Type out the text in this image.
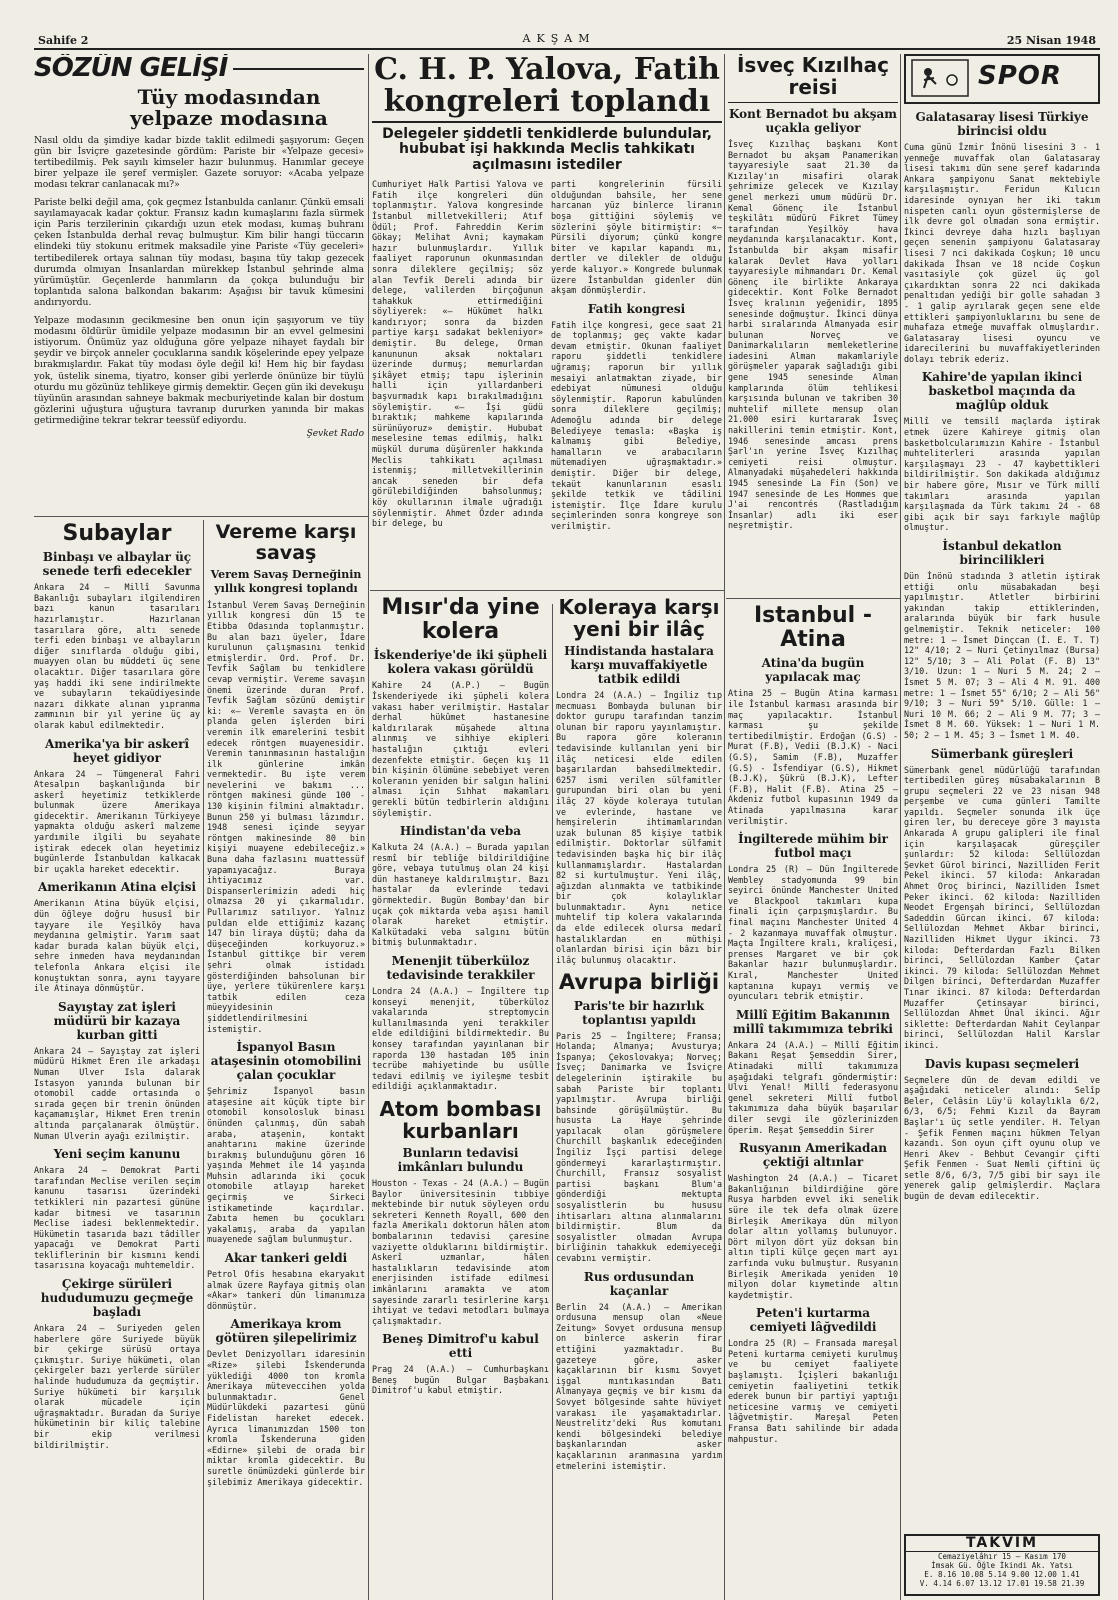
Sahife 2	AKŞAM	25 Nisan 1948
SÖZÜN GELİŞİ
Tüy modasından yelpaze modasına

Nasıl oldu da şimdiye kadar bizde taklit edilmedi şaşıyorum: Geçen gün bir İsviçre gazetesinde gördüm: Pariste bir «Yelpaze gecesi» tertibedilmiş. Pek sayılı kimseler hazır bulunmuş. Hanımlar geceye birer yelpaze ile şeref vermişler. Gazete soruyor: «Acaba yelpaze modası tekrar canlanacak mı?»

Pariste belki değil ama, çok geçmez İstanbulda canlanır. Çünkü emsali sayılamayacak kadar çoktur. Fransız kadın kumaşlarını fazla sürmek için Paris terzilerinin çıkardığı uzun etek modası, kumaş buhranı çeken İstanbulda derhal revaç bulmuştur. Kim bilir hangi tüccarın elindeki tüy stokunu eritmek maksadile yine Pariste «Tüy geceleri» tertibedilerek ortaya salınan tüy modası, başına tüy takıp gezecek durumda olmıyan İnsanlardan mürekkep İstanbul şehrinde alma yürümüştür. Geçenlerde hanımların da çokça bulunduğu bir toplantıda salona balkondan bakarım: Aşağısı bir tavuk kümesini andırıyordu.

Yelpaze modasının gecikmesine ben onun için şaşıyorum ve tüy modasını öldürür ümidile yelpaze modasının bir an evvel gelmesini istiyorum. Önümüz yaz olduğuna göre yelpaze nihayet faydalı bir şeydir ve birçok anneler çocuklarına sandık köşelerinde epey yelpaze bırakmışlardır. Fakat tüy modası öyle değil ki! Hem hiç bir faydası yok, üstelik sinema, tiyatro, konser gibi yerlerde önünüze bir tüylü oturdu mu gözünüz tehlikeye girmiş demektir. Geçen gün iki devekuşu tüyünün arasından sahneye bakmak mecburiyetinde kalan bir dostum gözlerini uğuştura uğuştura tavranıp dururken yanında bir makas getirmediğine tekrar tekrar teessüf ediyordu.

Şevket Rado
Subaylar
Binbaşı ve albaylar üç senede terfi edecekler

Ankara 24 — Millî Savunma Bakanlığı subayları ilgilendiren bazı kanun tasarıları hazırlamıştır. Hazırlanan tasarılara göre, altı senede terfi eden binbaşı ve albayların diğer sınıflarda olduğu gibi, muayyen olan bu müddeti üç sene olacaktır. Diğer tasarılara göre yaş haddi iki sene indirilmekte ve subayların tekaüdiyesinde nazarı dikkate alınan yıpranma zammının bir yıl yerine üç ay olarak kabul edilmektedir.

Amerika'ya bir askerî heyet gidiyor

Ankara 24 — Tümgeneral Fahri Atesalpın başkanlığında bir askerî heyetimiz tetkiklerde bulunmak üzere Amerikaya gidecektir. Amerikanın Türkiyeye yapmakta olduğu askerî malzeme yardımile ilgili bu seyahate iştirak edecek olan heyetimiz bugünlerde İstanbuldan kalkacak bir uçakla hareket edecektir.

Amerikanın Atina elçisi

Amerikanın Atina büyük elçisi, dün öğleye doğru hususî bir tayyare ile Yeşilköy hava meydanına gelmiştir. Yarım saat kadar burada kalan büyük elçi, sehre inmeden hava meydanından telefonla Ankara elçisi ile konuştuktan sonra, aynı tayyare ile Atinaya dönmüştür.

Sayıştay zat işleri müdürü bir kazaya kurban gitti

Ankara 24 — Sayıştay zat işleri müdürü Hikmet Eren ile arkadaşı Numan Ulver Isla dalarak Istasyon yanında bulunan bir otomobil cadde ortasında o sırada geçen bir trenin önünden kaçamamışlar, Hikmet Eren trenin altında parçalanarak ölmüştür. Numan Ulverin ayağı ezilmiştir.

Yeni seçim kanunu

Ankara 24 — Demokrat Parti tarafından Meclise verilen seçim kanunu tasarısı üzerindeki tetkikleri nin pazartesi gününe kadar bitmesi ve tasarının Meclise iadesi beklenmektedir. Hükümetin tasarıda bazı tâdiller yapacağı ve Demokrat Parti tekliflerinin bir kısmını kendi tasarısına koyacağı muhtemeldir.

Çekirge sürüleri hududumuzu geçmeğe başladı

Ankara 24 — Suriyeden gelen haberlere göre Suriyede büyük bir çekirge sürüsü ortaya çıkmıştır. Suriye hükümeti, olan çekirgeler bazı yerlerde sürüler halinde hududumuza da geçmiştir. Suriye hükümeti bir karşılık olarak mücadele için uğraşmaktadır. Buradan da Suriye hükümetinin bir kiliç talebine bir ekip verilmesi bildirilmiştir.

Vereme karşı savaş
Verem Savaş Derneğinin yıllık kongresi toplandı

İstanbul Verem Savaş Derneğinin yıllık kongresi dün 15 te Etibba Odasında toplanmıştır. Bu alan bazı üyeler, İdare kurulunun çalışmasını tenkid etmişlerdir. Ord. Prof. Dr. Tevfik Sağlam bu tenkidlere cevap vermiştir. Vereme savaşın önemi üzerinde duran Prof. Tevfik Sağlam sözünü demiştir ki: «— Veremle savaşta en ön planda gelen işlerden biri veremin ilk emarelerini tesbit edecek röntgen muayenesidir. Veremin tanınmasının hastalığın ilk günlerine imkân vermektedir. Bu işte verem nevelerini ve bakımı ... röntgen makinesi günde 100 - 130 kişinin filmini almaktadır. Bunun 250 yi bulması lâzımdır. 1948 senesi içinde seyyar röntgen makinesinde 80 bin kişiyi muayene edebileceğiz.» Buna daha fazlasını muattessüf yapamıyacağız. Buraya ihtiyacımız var. Dispanserlerimizin adedi hiç olmazsa 20 yi çıkarmalıdır. Pullarımız satılıyor. Yalnız puldan elde ettiğimiz kazanç 147 bin liraya düştü; daha da düşeceğinden korkuyoruz.» İstanbul gittikçe bir verem şehri olmak istidadı gösterdiğinden bahsolunan bir üye, yerlere tükürenlere karşı tatbik edilen ceza müeyyidesinin şiddetlendirilmesini istemiştir.

İspanyol Basın ataşesinin otomobilini çalan çocuklar

Şehrimiz İspanyol basın ataşesine ait küçük tipte bir otomobil konsolosluk binası önünden çalınmış, dün sabah araba, ataşenin, kontakt anahtarını makine üzerinde bırakmış bulunduğunu gören 16 yaşında Mehmet ile 14 yaşında Muhsin adlarında iki çocuk otomobile atlayıp hareket geçirmiş ve Sirkeci istikametinde kaçırdılar. Zabıta hemen bu çocukları yakalamış, araba da yapılan muayenede sağlam bulunmuştur.

Akar tankeri geldi

Petrol Ofis hesabına ekaryakıt almak üzere Rayfaya gitmiş olan «Akar» tankeri dün limanımıza dönmüştür.

Amerikaya krom götüren şilepelirimiz

Devlet Denizyolları idaresinin «Rize» şilebi İskenderunda yüklediği 4000 ton kromla Amerikaya müteveccihen yolda bulunmaktadır. Genel Müdürlükdeki pazartesi günü Fidelistan hareket edecek. Ayrıca limanımızdan 1500 ton kromla İskenderuna giden «Edirne» şilebi de orada bir miktar kromla gidecektir. Bu suretle önümüzdeki günlerde bir şilebimiz Amerikaya gidecektir.

C. H. P. Yalova, Fatih kongreleri toplandı
Delegeler şiddetli tenkidlerde bulundular, hububat işi hakkında Meclis tahkikatı açılmasını istediler

Cumhuriyet Halk Partisi Yalova ve Fatih ilçe kongreleri dün toplanmıştır. Yalova kongresinde İstanbul milletvekilleri; Atıf Ödül; Prof. Fahreddin Kerim Gökay; Melihat Avni; kaymakam hazır bulunmuşlardır. Yıllık faaliyet raporunun okunmasından sonra dileklere geçilmiş; söz alan Tevfik Dereli adında bir delege, valilerden birçoğunun tahakkuk ettirmediğini söyliyerek: «— Hükümet halkı kandırıyor; sonra da bizden partiye karşı sadakat bekleniyor» demiştir. Bu delege, Orman kanununun aksak noktaları üzerinde durmuş; memurlardan şikâyet etmiş; tapu işlerinin halli için yıllardanberi başvurmadık kapı bırakılmadığını söylemiştir. «— İşi güdü bıraktık; mahkeme kapılarında sürünüyoruz» demiştir. Hububat meselesine temas edilmiş, halkı müşkül duruma düşürenler hakkında Meclis tahkikatı açılması istenmiş; milletvekillerinin ancak seneden bir defa görülebildiğinden bahsolunmuş; köy okullarının ilmale uğradığı söylenmiştir. Ahmet Özder adında bir delege, bu

parti kongrelerinin fürsili olduğundan bahsile, her sene harcanan yüz binlerce liranın boşa gittiğini söylemiş ve sözlerini şöyle bitirmiştir: «— Pürsili diyorum; çünkü kongre biter ve kapılar kapandı mı, dertler ve dilekler de olduğu yerde kalıyor.» Kongrede bulunmak üzere İstanbuldan gidenler dün akşam dönmüşlerdir.

Fatih kongresi

Fatih ilçe kongresi, gece saat 21 de toplanmış; geç vakte kadar devam etmiştir. Okunan faaliyet raporu şiddetli tenkidlere uğramış; raporun bir yıllık mesaiyi anlatmaktan ziyade, bir edebiyat nümunesi olduğu söylenmiştir. Raporun kabulünden sonra dileklere geçilmiş; Ademoğlu adında bir delege Belediyeye temasla: «Başka iş kalmamış gibi Belediye, hamalların ve arabacıların mütemadiyen uğraşmaktadır.» demiştir. Diğer bir delege, tekaüt kanunlarının esaslı şekilde tetkik ve tâdilini istemiştir. İlçe İdare kurulu seçimlerinden sonra kongreye son verilmiştir.

Mısır'da yine kolera
İskenderiye'de iki şüpheli kolera vakası görüldü

Kahire 24 (A.P.) — Bugün İskenderiyede iki şüpheli kolera vakası haber verilmiştir. Hastalar derhal hükûmet hastanesine kaldırılarak müşahede altına alınmış ve sihhiye ekipleri hastalığın çıktığı evleri dezenfekte etmiştir. Geçen kış 11 bin kişinin ölümüne sebebiyet veren koleranın yeniden bir salgın halini alması için Sıhhat makamları gerekli bütün tedbirlerin aldığını söylemiştir.

Hindistan'da veba

Kalkuta 24 (A.A.) — Burada yapılan resmî bir tebliğe bildirildiğine göre, vebaya tutulmuş olan 24 kişi dün hastaneye kaldırılmıştır. Bazı hastalar da evlerinde tedavi görmektedir. Bugün Bombay'dan bir uçak çok miktarda veba aşısı hamil olarak hareket etmiştir. Kalkütadaki veba salgını bütün bitmiş bulunmaktadır.

Menenjit tüberküloz tedavisinde terakkiler

Londra 24 (A.A.) — İngiltere tıp konseyi menenjit, tüberküloz vakalarında streptomycin kullanılmasında yeni terakkiler elde edildiğini bildirmektedir. Bu konsey tarafından yayınlanan bir raporda 130 hastadan 105 inin tecrübe mahiyetinde bu usûlle tedavi edilmiş ve iyileşme tesbit edildiği açıklanmaktadır.

Atom bombası kurbanları
Bunların tedavisi imkânları bulundu

Houston - Texas - 24 (A.A.) — Bugün Baylor üniversitesinin tıbbiye mektebinde bir nutuk söyleyen ordu sekreteri Kenneth Royall, 600 den fazla Amerikalı doktorun hâlen atom bombalarının tedavisi çaresine vaziyette olduklarını bildirmiştir. Askerî uzmanlar, hâlen hastalıkların tedavisinde atom enerjisinden istifade edilmesi imkânlarını aramakta ve atom sayesinde zararlı tesirlerine karşı ihtiyat ve tedavi metodları bulmaya çalışmaktadır.

Beneş Dimitrof'u kabul etti

Prag 24 (A.A.) — Cumhurbaşkanı Beneş bugün Bulgar Başbakanı Dimitrof'u kabul etmiştir.

Koleraya karşı yeni bir ilâç
Hindistanda hastalara karşı muvaffakiyetle tatbik edildi

Londra 24 (A.A.) — İngiliz tıp mecmuası Bombayda bulunan bir doktor gurupu tarafından tanzim olunan bir raporu yayınlamıştır. Bu rapora göre koleranın tedavisinde kullanılan yeni bir ilâç neticesi elde edilen başarılardan bahsedilmektedir. 6257 ismi verilen sülfamitler gurupundan biri olan bu yeni ilâç 27 köyde koleraya tutulan ve evlerinde, hastane ve hemşirelerin ihtimamlarından uzak bulunan 85 kişiye tatbik edilmiştir. Doktorlar sülfamit tedavisinden başka hiç bir ilâç kullanmamışlardır. Hastalardan 82 si kurtulmuştur. Yeni ilâç, ağızdan alınmakta ve tatbikinde bir çok kolaylıklar bulunmaktadır. Aynı netice muhtelif tip kolera vakalarında da elde edilecek olursa medarî hastalıklardan en müthişi olanlardan birisi için bâzı bir ilâç bulunmuş olacaktır.

Avrupa birliği
Paris'te bir hazırlık toplantısı yapıldı

Paris 25 — İngiltere; Fransa; Holanda; Almanya; Avusturya; İspanya; Çekoslovakya; Norveç; İsveç; Danimarka ve İsviçre delegelerinin iştirakile bu sabah Pariste bir toplantı yapılmıştır. Avrupa birliği bahsinde görüşülmüştür. Bu hususta La Haye şehrinde yapılacak olan görüşmelere Churchill başkanlık edeceğinden İngiliz İşçi partisi delege göndermeyi kararlaştırmıştır. Churchill, Fransız sosyalist partisi başkanı Blum'a gönderdiği mektupta sosyalistlerin bu hususu ihtisarları altına alınmalarını bildirmiştir. Blum da sosyalistler olmadan Avrupa birliğinin tahakkuk edemiyeceği cevabını vermiştir.

Rus ordusundan kaçanlar

Berlin 24 (A.A.) — Amerikan ordusuna mensup olan «Neue Zeitung» Sovyet ordusuna mensup on binlerce askerin firar ettiğini yazmaktadır. Bu gazeteye göre, asker kaçaklarının bir kısmı Sovyet işgal mıntıkasından Batı Almanyaya geçmiş ve bir kısmı da Sovyet bölgesinde sahte hüviyet varakası ile yaşamaktadırlar. Neustrelitz'deki Rus komutanı kendi bölgesindeki belediye başkanlarından asker kaçaklarının aranmasına yardım etmelerini istemiştir.

İsveç Kızılhaç reisi
Kont Bernadot bu akşam uçakla geliyor

İsveç Kızılhaç başkanı Kont Bernadot bu akşam Panamerikan tayyaresiyle saat 21.30 da Kızılay'ın misafiri olarak şehrimize gelecek ve Kızılay genel merkezi umum müdürü Dr. Kemal Gönenç ile İstanbul teşkilâtı müdürü Fikret Tümey tarafından Yeşilköy hava meydanında karşılanacaktır. Kont, İstanbulda bir akşam misafir kalarak Devlet Hava yolları tayyaresiyle mihmandarı Dr. Kemal Gönenç ile birlikte Ankaraya gidecektir. Kont Folke Bernadot İsveç kralının yeğenidir, 1895 senesinde doğmuştur. İkinci dünya harbi sıralarında Almanyada esir bulunan Norveç ve Danimarkalıların memleketlerine iadesini Alman makamlariyle görüşmeler yaparak sağladığı gibi gene 1945 senesinde Alman kamplarında ölüm tehlikesi karşısında bulunan ve takriben 30 muhtelif millete mensup olan 21.000 esiri kurtararak İsveç nakillerini temin etmiştir. Kont, 1946 senesinde amcası prens Şarl'ın yerine İsveç Kızılhaç cemiyeti reisi olmuştur. Almanyadaki müşahedeleri hakkında 1945 senesinde La Fin (Son) ve 1947 senesinde de Les Hommes que J'ai rencontrés (Rastladığım İnsanlar) adlı iki eser neşretmiştir.

İstanbul - Atina
Atina'da bugün yapılacak maç

Atina 25 — Bugün Atina karması ile İstanbul karması arasında bir maç yapılacaktır. İstanbul karması şu şekilde tertibedilmiştir. Erdoğan (G.S) - Murat (F.B), Vedii (B.J.K) - Naci (G.S), Samim (F.B), Muzaffer (G.S) - İsfendiyar (G.S), Hikmet (B.J.K), Şükrü (B.J.K), Lefter (F.B), Halit (F.B). Atina 25 — Akdeniz futbol kupasının 1949 da Atinada yapılmasına karar verilmiştir.

İngilterede mühim bir futbol maçı

Londra 25 (R) — Dün İngilterede Wembley stadyomunda 99 bin seyirci önünde Manchester United ve Blackpool takımları kupa finali için çarpışmışlardır. Bu final maçını Manchester United 4 - 2 kazanmaya muvaffak olmuştur. Maçta İngiltere kralı, kraliçesi, prenses Margaret ve bir çok Bakanlar hazır bulunmuşlardır. Kıral, Manchester United kaptanına kupayı vermiş ve oyuncuları tebrik etmiştir.

Millî Eğitim Bakanının millî takımımıza tebriki

Ankara 24 (A.A.) — Millî Eğitim Bakanı Reşat Şemseddin Sirer, Atinadaki millî takımımıza aşağıdaki telgrafı göndermiştir: Ulvi Yenal! Millî federasyonu genel sekreteri Millî futbol takımımıza daha büyük başarılar diler sevgi ile gözlerinizden öperim. Reşat Şemseddin Sirer

Rusyanın Amerikadan çektiği altınlar

Washington 24 (A.A.) — Ticaret Bakanlığının bildirdiğine göre Rusya harbden evvel iki senelik süre ile tek defa olmak üzere Birleşik Amerikaya dün milyon dolar altın yollamış bulunuyor. Dört milyon dört yüz doksan bin altın tipli külçe geçen mart ayı zarfında vuku bulmuştur. Rusyanın Birleşik Amerikada yeniden 10 milyon dolar kıymetinde altın kaydetmiştir.

Peten'i kurtarma cemiyeti lâğvedildi

Londra 25 (R) — Fransada mareşal Peteni kurtarma cemiyeti kurulmuş ve bu cemiyet faaliyete başlamıştı. İçişleri bakanlığı cemiyetin faaliyetini tetkik ederek bunun bir partiyi yaptığı neticesine varmış ve cemiyeti lâğvetmiştir. Mareşal Peten Fransa Batı sahilinde bir adada mahpustur.

SPOR
Galatasaray lisesi Türkiye birincisi oldu

Cuma günü İzmir İnönü lisesini 3 - 1 yenmeğe muvaffak olan Galatasaray lisesi takımı dün sene şeref kadarında Ankara şampiyonu Sanat mektebiyle karşılaşmıştır. Feridun Kılıcın idaresinde oynıyan her iki takım nispeten canlı oyun göstermişlerse de ilk devre gol olmadan sona ermiştir. İkinci devreye daha hızlı başlıyan geçen senenin şampiyonu Galatasaray lisesi 7 nci dakikada Coşkun; 10 uncu dakikada İhsan ve 18 ncide Coşkun vasıtasiyle çok güzel üç gol çıkardıktan sonra 22 nci dakikada penaltıdan yediği bir golle sahadan 3 - 1 galip ayrılarak geçen sene elde ettikleri şampiyonluklarını bu sene de muhafaza etmeğe muvaffak olmuşlardır. Galatasaray lisesi oyuncu ve idarecilerini bu muvaffakiyetlerinden dolayı tebrik ederiz.

Kahire'de yapılan ikinci basketbol maçında da mağlûp olduk

Millî ve temsilî maçlarda iştirak etmek üzere Kahireye gitmiş olan basketbolcularımızın Kahire - İstanbul muhteliterleri arasında yapılan karşılaşmayı 23 - 47 kaybettikleri bildirilmiştir. Son dakikada aldığımız bir habere göre, Mısır ve Türk millî takımları arasında yapılan karşılaşmada da Türk takımı 24 - 68 gibi açık bir sayı farkıyle mağlûp olmuştur.

İstanbul dekatlon birincilikleri

Dün İnönü stadında 3 atletin iştirak ettiği onlu müsabakadan beşi yapılmıştır. Atletler birbirini yakından takip ettiklerinden, aralarında büyük bir fark husule gelmemiştir. Teknik neticeler: 100 metre: 1 — İsmet Dinçcan (İ. E. T. T) 12" 4/10; 2 — Nuri Çetinyılmaz (Bursa) 12" 5/10; 3 — Ali Polat (F. B) 13" 3/10. Uzun: 1 — Nuri 5 M. 24; 2 — İsmet 5 M. 07; 3 — Ali 4 M. 91. 400 metre: 1 — İsmet 55" 6/10; 2 — Ali 56" 9/10; 3 — Nuri 59" 5/10. Gülle: 1 — Nuri 10 M. 66; 2 — Ali 9 M. 77; 3 — İsmet 8 M. 60. Yüksek: 1 — Nuri 1 M. 50; 2 — 1 M. 45; 3 — İsmet 1 M. 40.

Sümerbank güreşleri

Sümerbank genel müdürlüğü tarafından tertibedilen güreş müsabakalarının B grupu seçmeleri 22 ve 23 nisan 948 perşembe ve cuma günleri Tamilte yapıldı. Seçmeler sonunda ilk üçe giren ler, bu dereceye göre 3 mayısta Ankarada A grupu galipleri ile final için karşılaşacak güreşçiler şunlardır: 52 kiloda: Sellülozdan Şevket Gürol birinci, Nazilliden Ferit Pekel ikinci. 57 kiloda: Ankaradan Ahmet Oroç birinci, Nazilliden İsmet Peker ikinci. 62 kiloda: Nazilliden Neodet Ergenşah birinci, Sellülozdan Sadeddin Gürcan ikinci. 67 kiloda: Sellülozdan Mehmet Akbar birinci, Nazilliden Hikmet Uygur ikinci. 73 kiloda: Defterdardan Fazlı Bilken birinci, Sellülozdan Kamber Çatar ikinci. 79 kiloda: Sellülozdan Mehmet Dilgen birinci, Defterdardan Muzaffer Tınar ikinci. 87 kiloda: Defterdardan Muzaffer Çetinsayar birinci, Sellülozdan Ahmet Ünal ikinci. Ağır siklette: Defterdardan Nahit Ceylanpar birinci, Sellülozdan Halil Karslar ikinci.

Davis kupası seçmeleri

Seçmelere dün de devam edildi ve aşağıdaki neticeler alındı: Selîp Beler, Celâsin Lüy'ü kolaylıkla 6/2, 6/3, 6/5; Fehmi Kızıl da Bayram Başlar'ı üç setle yendiler. H. Telyan - Şefik Fenmen maçını hükmen Telyan kazandı. Son oyun çift oyunu olup ve Henri Akev - Behbut Cevangir çifti Şefik Fenmen - Suat Nemli çiftini üç setle 8/6, 6/3, 7/5 gibi bir sayı ile yenerek galip gelmişlerdir. Maçlara bugün de devam edilecektir.

TAKVİM
Cemaziyelâhır 15 — Kasım 170
İmsak Gü. Öğle İkindi Ak. Yatsı
E. 8.16 10.08 5.14 9.00 12.00 1.41
V. 4.14 6.07 13.12 17.01 19.58 21.39
